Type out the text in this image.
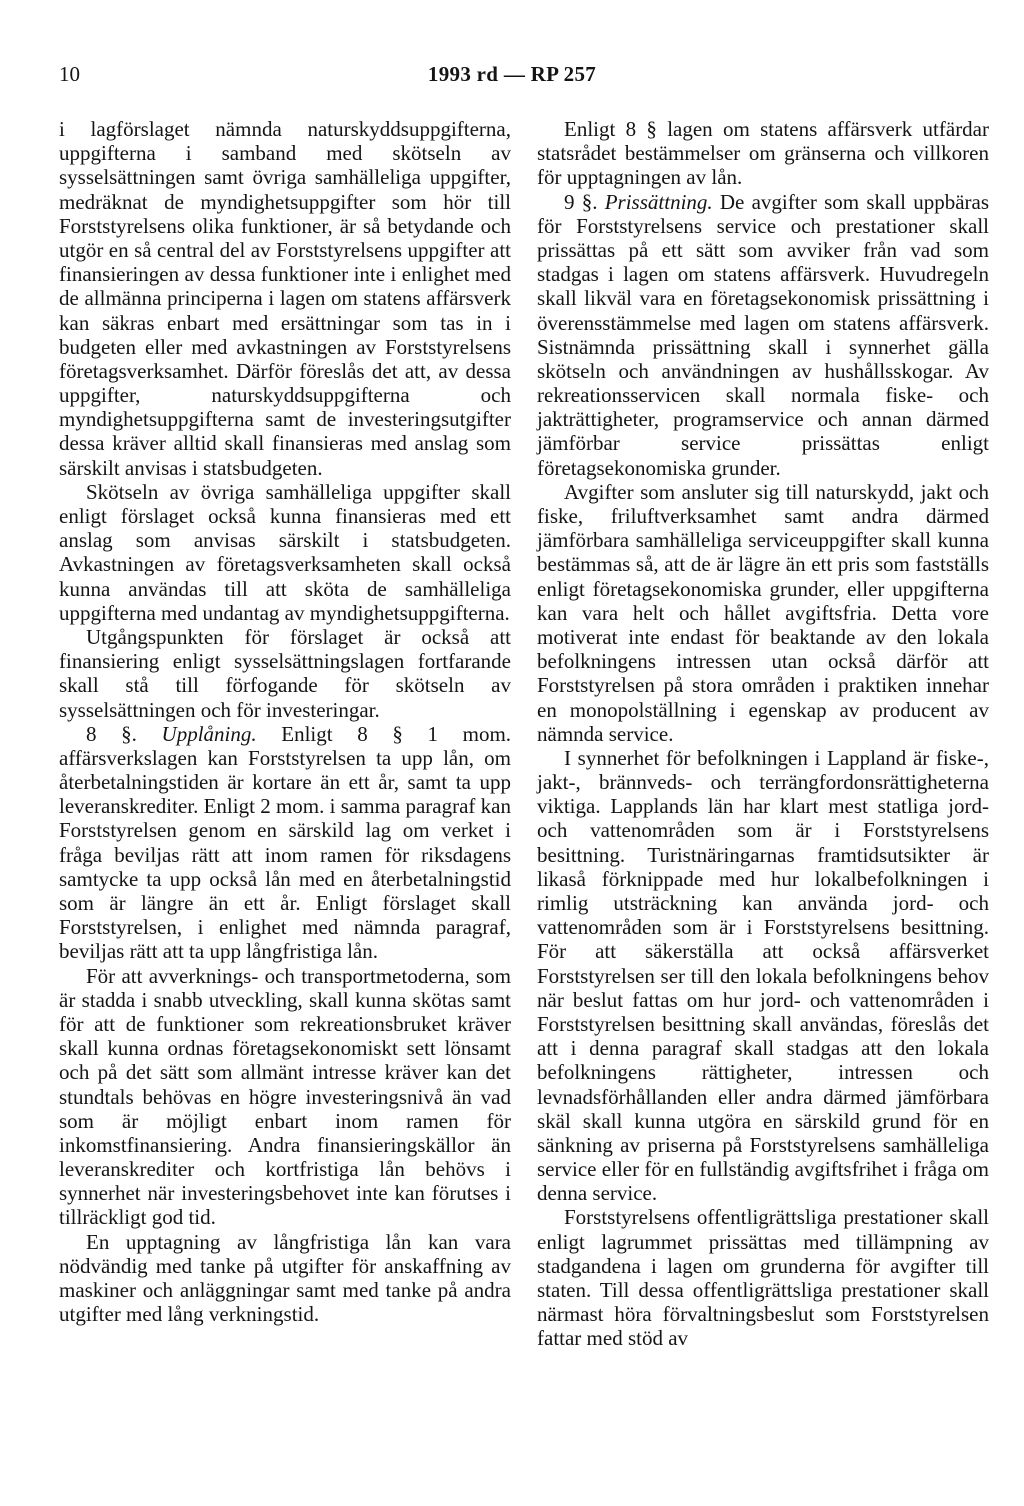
10	1993 rd — RP 257

i lagförslaget nämnda naturskyddsuppgifterna, uppgifterna i samband med skötseln av sysselsättningen samt övriga samhälleliga uppgifter, medräknat de myndighetsuppgifter som hör till Forststyrelsens olika funktioner, är så betydande och utgör en så central del av Forststyrelsens uppgifter att finansieringen av dessa funktioner inte i enlighet med de allmänna principerna i lagen om statens affärsverk kan säkras enbart med ersättningar som tas in i budgeten eller med avkastningen av Forststyrelsens företagsverksamhet. Därför föreslås det att, av dessa uppgifter, naturskyddsuppgifterna och myndighetsuppgifterna samt de investeringsutgifter dessa kräver alltid skall finansieras med anslag som särskilt anvisas i statsbudgeten.

Skötseln av övriga samhälleliga uppgifter skall enligt förslaget också kunna finansieras med ett anslag som anvisas särskilt i statsbudgeten. Avkastningen av företagsverksamheten skall också kunna användas till att sköta de samhälleliga uppgifterna med undantag av myndighetsuppgifterna.

Utgångspunkten för förslaget är också att finansiering enligt sysselsättningslagen fortfarande skall stå till förfogande för skötseln av sysselsättningen och för investeringar.

8 §. Upplåning. Enligt 8 § 1 mom. affärsverkslagen kan Forststyrelsen ta upp lån, om återbetalningstiden är kortare än ett år, samt ta upp leveranskrediter. Enligt 2 mom. i samma paragraf kan Forststyrelsen genom en särskild lag om verket i fråga beviljas rätt att inom ramen för riksdagens samtycke ta upp också lån med en återbetalningstid som är längre än ett år. Enligt förslaget skall Forststyrelsen, i enlighet med nämnda paragraf, beviljas rätt att ta upp långfristiga lån.

För att avverknings- och transportmetoderna, som är stadda i snabb utveckling, skall kunna skötas samt för att de funktioner som rekreationsbruket kräver skall kunna ordnas företagsekonomiskt sett lönsamt och på det sätt som allmänt intresse kräver kan det stundtals behövas en högre investeringsnivå än vad som är möjligt enbart inom ramen för inkomstfinansiering. Andra finansieringskällor än leveranskrediter och kortfristiga lån behövs i synnerhet när investeringsbehovet inte kan förutses i tillräckligt god tid.

En upptagning av långfristiga lån kan vara nödvändig med tanke på utgifter för anskaffning av maskiner och anläggningar samt med tanke på andra utgifter med lång verkningstid.

Enligt 8 § lagen om statens affärsverk utfärdar statsrådet bestämmelser om gränserna och villkoren för upptagningen av lån.

9 §. Prissättning. De avgifter som skall uppbäras för Forststyrelsens service och prestationer skall prissättas på ett sätt som avviker från vad som stadgas i lagen om statens affärsverk. Huvudregeln skall likväl vara en företagsekonomisk prissättning i överensstämmelse med lagen om statens affärsverk. Sistnämnda prissättning skall i synnerhet gälla skötseln och användningen av hushållsskogar. Av rekreationsservicen skall normala fiske- och jakträttigheter, programservice och annan därmed jämförbar service prissättas enligt företagsekonomiska grunder.

Avgifter som ansluter sig till naturskydd, jakt och fiske, friluftverksamhet samt andra därmed jämförbara samhälleliga serviceuppgifter skall kunna bestämmas så, att de är lägre än ett pris som fastställs enligt företagsekonomiska grunder, eller uppgifterna kan vara helt och hållet avgiftsfria. Detta vore motiverat inte endast för beaktande av den lokala befolkningens intressen utan också därför att Forststyrelsen på stora områden i praktiken innehar en monopolställning i egenskap av producent av nämnda service.

I synnerhet för befolkningen i Lappland är fiske-, jakt-, brännveds- och terrängfordonsrättigheterna viktiga. Lapplands län har klart mest statliga jord- och vattenområden som är i Forststyrelsens besittning. Turistnäringarnas framtidsutsikter är likaså förknippade med hur lokalbefolkningen i rimlig utsträckning kan använda jord- och vattenområden som är i Forststyrelsens besittning. För att säkerställa att också affärsverket Forststyrelsen ser till den lokala befolkningens behov när beslut fattas om hur jord- och vattenområden i Forststyrelsen besittning skall användas, föreslås det att i denna paragraf skall stadgas att den lokala befolkningens rättigheter, intressen och levnadsförhållanden eller andra därmed jämförbara skäl skall kunna utgöra en särskild grund för en sänkning av priserna på Forststyrelsens samhälleliga service eller för en fullständig avgiftsfrihet i fråga om denna service.

Forststyrelsens offentligrättsliga prestationer skall enligt lagrummet prissättas med tillämpning av stadgandena i lagen om grunderna för avgifter till staten. Till dessa offentligrättsliga prestationer skall närmast höra förvaltningsbeslut som Forststyrelsen fattar med stöd av
